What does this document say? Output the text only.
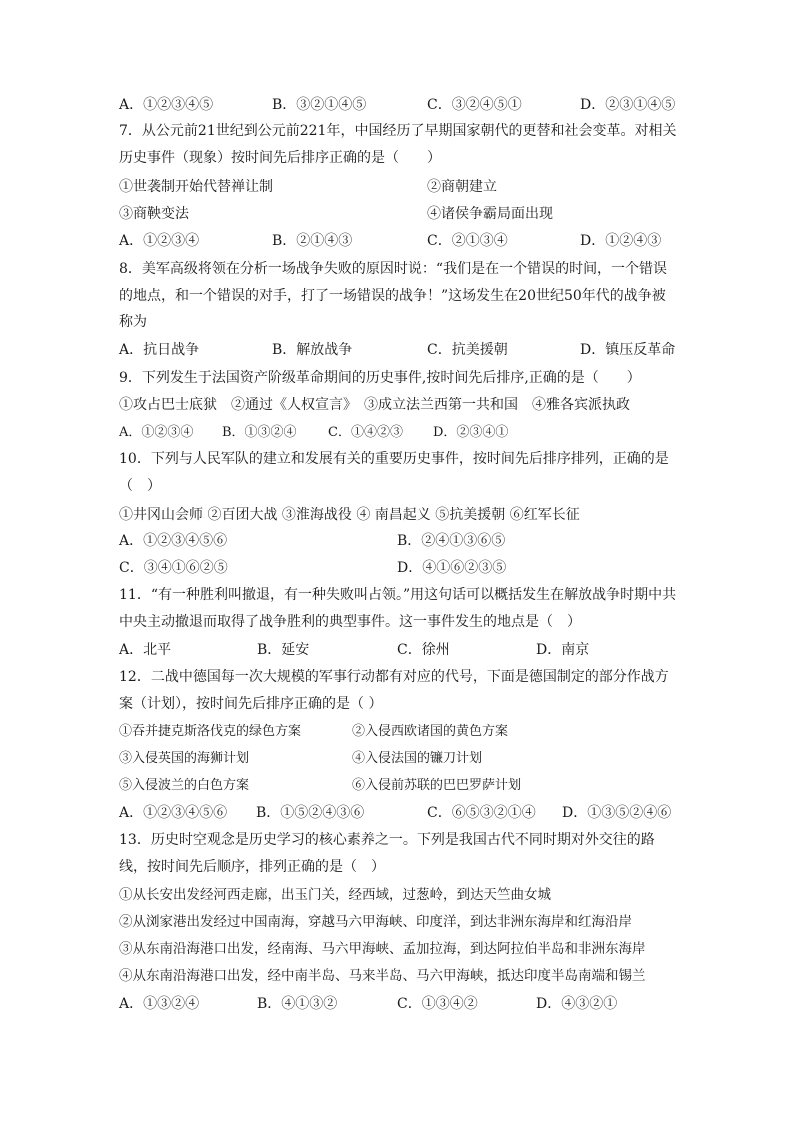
A．①②③④⑤	B．③②①④⑤	C．③②④⑤①	D．②③①④⑤
7．从公元前21世纪到公元前221年，中国经历了早期国家朝代的更替和社会变革。对相关历史事件（现象）按时间先后排序正确的是（　　）
①世袭制开始代替禅让制	②商朝建立
③商鞅变法	④诸侯争霸局面出现
A．①②③④	B．②①④③	C．②①③④	D．①②④③
8．美军高级将领在分析一场战争失败的原因时说：“我们是在一个错误的时间，一个错误的地点，和一个错误的对手，打了一场错误的战争！”这场发生在20世纪50年代的战争被称为
A．抗日战争	B．解放战争	C．抗美援朝	D．镇压反革命
9．下列发生于法国资产阶级革命期间的历史事件,按时间先后排序,正确的是（　　）
①攻占巴士底狱　②通过《人权宣言》　③成立法兰西第一共和国　④雅各宾派执政
A．①②③④ B．①③②④ C．①④②③ D．②③④①
10．下列与人民军队的建立和发展有关的重要历史事件，按时间先后排序排列，正确的是（　）
①井冈山会师 ②百团大战 ③淮海战役 ④ 南昌起义 ⑤抗美援朝 ⑥红军长征
A．①②③④⑤⑥	B．②④①③⑥⑤
C．③④①⑥②⑤	D．④①⑥②③⑤
11．“有一种胜利叫撤退，有一种失败叫占领。”用这句话可以概括发生在解放战争时期中共中央主动撤退而取得了战争胜利的典型事件。这一事件发生的地点是（　）
A．北平	B．延安	C．徐州	D．南京
12．二战中德国每一次大规模的军事行动都有对应的代号，下面是德国制定的部分作战方案（计划），按时间先后排序正确的是（ ）
①吞并捷克斯洛伐克的绿色方案	②入侵西欧诸国的黄色方案
③入侵英国的海狮计划	④入侵法国的镰刀计划
⑤入侵波兰的白色方案	⑥入侵前苏联的巴巴罗萨计划
A．①②③④⑤⑥ B．①⑤②④③⑥	C．⑥⑤③②①④ D．①③⑤②④⑥
13．历史时空观念是历史学习的核心素养之一。下列是我国古代不同时期对外交往的路线，按时间先后顺序，排列正确的是（　）
①从长安出发经河西走廊，出玉门关，经西域，过葱岭，到达天竺曲女城
②从浏家港出发经过中国南海，穿越马六甲海峡、印度洋，到达非洲东海岸和红海沿岸
③从东南沿海港口出发，经南海、马六甲海峡、孟加拉海，到达阿拉伯半岛和非洲东海岸
④从东南沿海港口出发，经中南半岛、马来半岛、马六甲海峡，抵达印度半岛南端和锡兰
A．①③②④	B．④①③②	C．①③④②	D．④③②①
